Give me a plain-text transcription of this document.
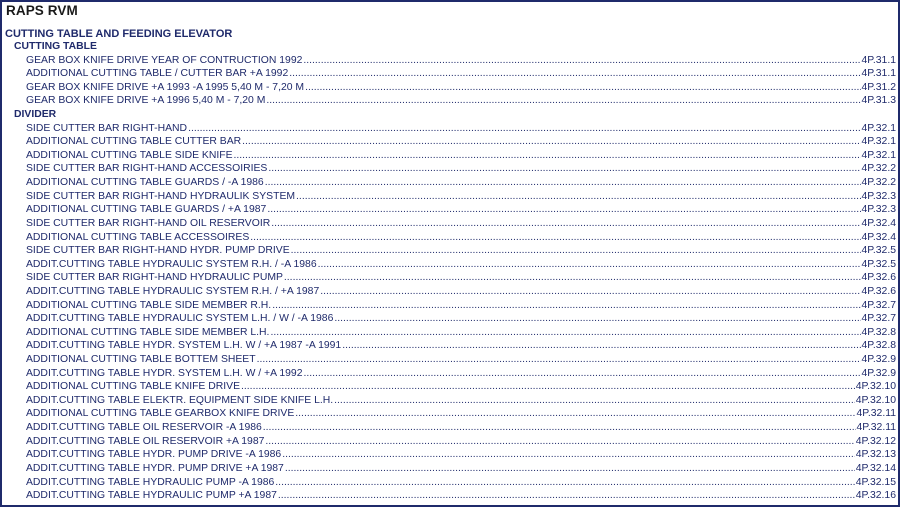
RAPS RVM
CUTTING TABLE AND FEEDING ELEVATOR
CUTTING TABLE
GEAR BOX KNIFE DRIVE YEAR OF CONTRUCTION 1992 .....	4P.31.1
ADDITIONAL CUTTING TABLE / CUTTER BAR +A 1992 .....	4P.31.1
GEAR BOX KNIFE DRIVE +A 1993 -A 1995 5,40 M - 7,20 M .....	4P.31.2
GEAR BOX KNIFE DRIVE +A 1996 5,40 M - 7,20 M .....	4P.31.3
DIVIDER
SIDE CUTTER BAR RIGHT-HAND .....	4P.32.1
ADDITIONAL CUTTING TABLE CUTTER BAR .....	4P.32.1
ADDITIONAL CUTTING TABLE SIDE KNIFE .....	4P.32.1
SIDE CUTTER BAR RIGHT-HAND ACCESSOIRIES .....	4P.32.2
ADDITIONAL CUTTING TABLE GUARDS / -A 1986 .....	4P.32.2
SIDE CUTTER BAR RIGHT-HAND HYDRAULIK SYSTEM .....	4P.32.3
ADDITIONAL CUTTING TABLE GUARDS / +A 1987 .....	4P.32.3
SIDE CUTTER BAR RIGHT-HAND OIL RESERVOIR .....	4P.32.4
ADDITIONAL CUTTING TABLE ACCESSOIRES .....	4P.32.4
SIDE CUTTER BAR RIGHT-HAND HYDR. PUMP DRIVE .....	4P.32.5
ADDIT.CUTTING TABLE HYDRAULIC SYSTEM R.H. / -A 1986 .....	4P.32.5
SIDE CUTTER BAR RIGHT-HAND HYDRAULIC PUMP .....	4P.32.6
ADDIT.CUTTING TABLE HYDRAULIC SYSTEM R.H. / +A 1987 .....	4P.32.6
ADDITIONAL CUTTING TABLE SIDE MEMBER R.H. .....	4P.32.7
ADDIT.CUTTING TABLE HYDRAULIC SYSTEM L.H. / W / -A 1986 .....	4P.32.7
ADDITIONAL CUTTING TABLE SIDE MEMBER L.H. .....	4P.32.8
ADDIT.CUTTING TABLE HYDR. SYSTEM L.H. W / +A 1987 -A 1991 .....	4P.32.8
ADDITIONAL CUTTING TABLE BOTTEM SHEET .....	4P.32.9
ADDIT.CUTTING TABLE HYDR. SYSTEM L.H. W / +A 1992 .....	4P.32.9
ADDITIONAL CUTTING TABLE KNIFE DRIVE .....	4P.32.10
ADDIT.CUTTING TABLE ELEKTR. EQUIPMENT SIDE KNIFE L.H. .....	4P.32.10
ADDITIONAL CUTTING TABLE GEARBOX KNIFE DRIVE .....	4P.32.11
ADDIT.CUTTING TABLE OIL RESERVOIR -A 1986 .....	4P.32.11
ADDIT.CUTTING TABLE OIL RESERVOIR +A 1987 .....	4P.32.12
ADDIT.CUTTING TABLE HYDR. PUMP DRIVE -A 1986 .....	4P.32.13
ADDIT.CUTTING TABLE HYDR. PUMP DRIVE +A 1987 .....	4P.32.14
ADDIT.CUTTING TABLE HYDRAULIC PUMP -A 1986 .....	4P.32.15
ADDIT.CUTTING TABLE HYDRAULIC PUMP +A 1987 .....	4P.32.16
